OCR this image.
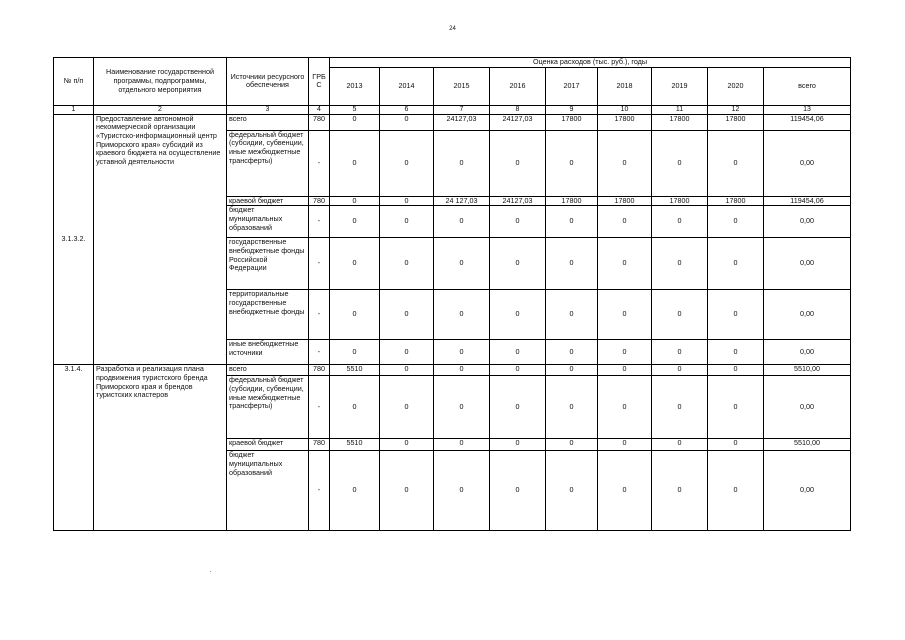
24
№ п/п	Наименование государственной программы, подпрограммы, отдельного мероприятия	Источники ресурсного обеспечения	ГРБ С	Оценка расходов (тыс. руб.), годы								
				2013	2014	2015	2016	2017	2018	2019	2020	всего
1	2	3	4	5	6	7	8	9	10	11	12	13
3.1.3.2.	Предоставление автономной некоммерческой организации «Туристско-информационный центр Приморского края» субсидий из краевого бюджета на осуществление уставной деятельности	всего	780	0	0	24127,03	24127,03	17800	17800	17800	17800	119454,06
		федеральный бюджет (субсидии, субвенции, иные межбюджетные трансферты)	-	0	0	0	0	0	0	0	0	0,00
		краевой бюджет	780	0	0	24 127,03	24127,03	17800	17800	17800	17800	119454,06
		бюджет муниципальных образований	-	0	0	0	0	0	0	0	0	0,00
		государственные внебюджетные фонды Российской Федерации	-	0	0	0	0	0	0	0	0	0,00
		территориальные государственные внебюджетные фонды	-	0	0	0	0	0	0	0	0	0,00
		иные внебюджетные источники	-	0	0	0	0	0	0	0	0	0,00
3.1.4.	Разработка и реализация плана продвижения туристского бренда Приморского края и брендов туристских кластеров	всего	780	5510	0	0	0	0	0	0	0	5510,00
		федеральный бюджет (субсидии, субвенции, иные межбюджетные трансферты)	-	0	0	0	0	0	0	0	0	0,00
		краевой бюджет	780	5510	0	0	0	0	0	0	0	5510,00
		бюджет муниципальных образований	-	0	0	0	0	0	0	0	0	0,00
